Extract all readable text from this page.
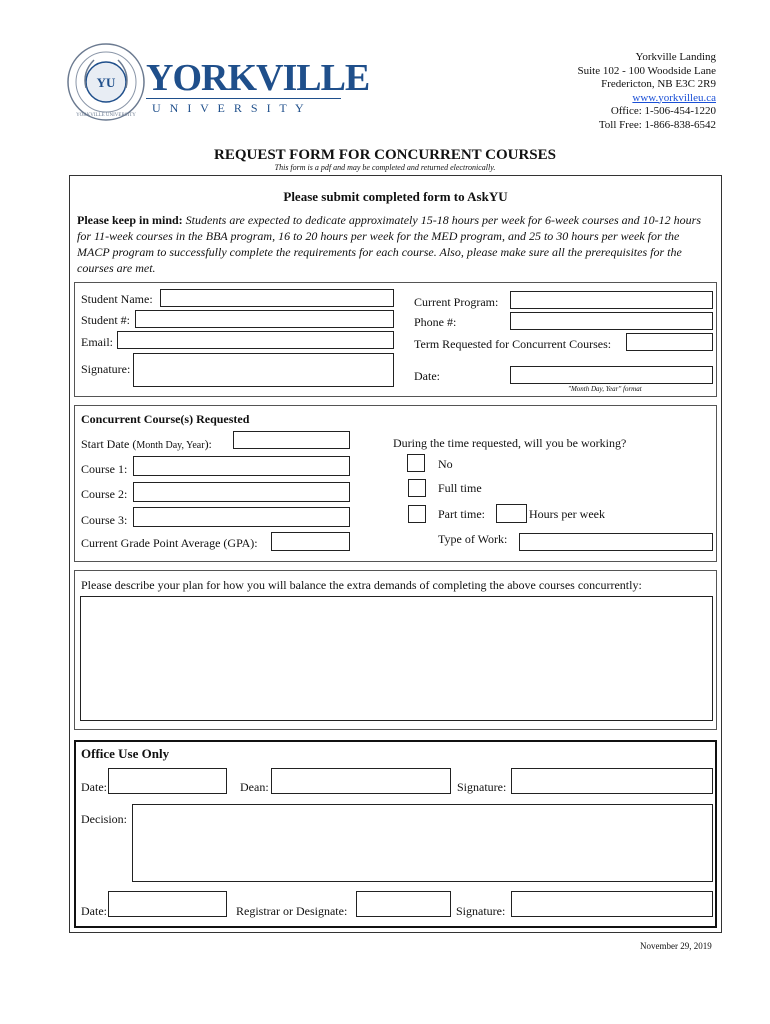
YU
YORKVILLE UNIVERSITY
YORKVILLE
U N I V E R S I T Y
Yorkville Landing
Suite 102 - 100 Woodside Lane
Fredericton, NB E3C 2R9
www.yorkvilleu.ca
Office: 1-506-454-1220
Toll Free: 1-866-838-6542
REQUEST FORM FOR CONCURRENT COURSES
This form is a pdf and may be completed and returned electronically.
Please submit completed form to AskYU
Please keep in mind: Students are expected to dedicate approximately 15-18 hours per week for 6-week courses and 10-12 hours for 11-week courses in the BBA program, 16 to 20 hours per week for the MED program, and 25 to 30 hours per week for the MACP program to successfully complete the requirements for each course. Also, please make sure all the prerequisites for the courses are met.
Student Name:
Student #:
Email:
Signature:
Current Program:
Phone #:
Term Requested for Concurrent Courses:
Date:
"Month Day, Year" format
Concurrent Course(s) Requested
Start Date (Month Day, Year):
Course 1:
Course 2:
Course 3:
Current Grade Point Average (GPA):
During the time requested, will you be working?
No
Full time
Part time:	Hours per week
Type of Work:
Please describe your plan for how you will balance the extra demands of completing the above courses concurrently:
Office Use Only
Date:	Dean:	Signature:
Decision:
Date:	Registrar or Designate:	Signature:
November 29, 2019
